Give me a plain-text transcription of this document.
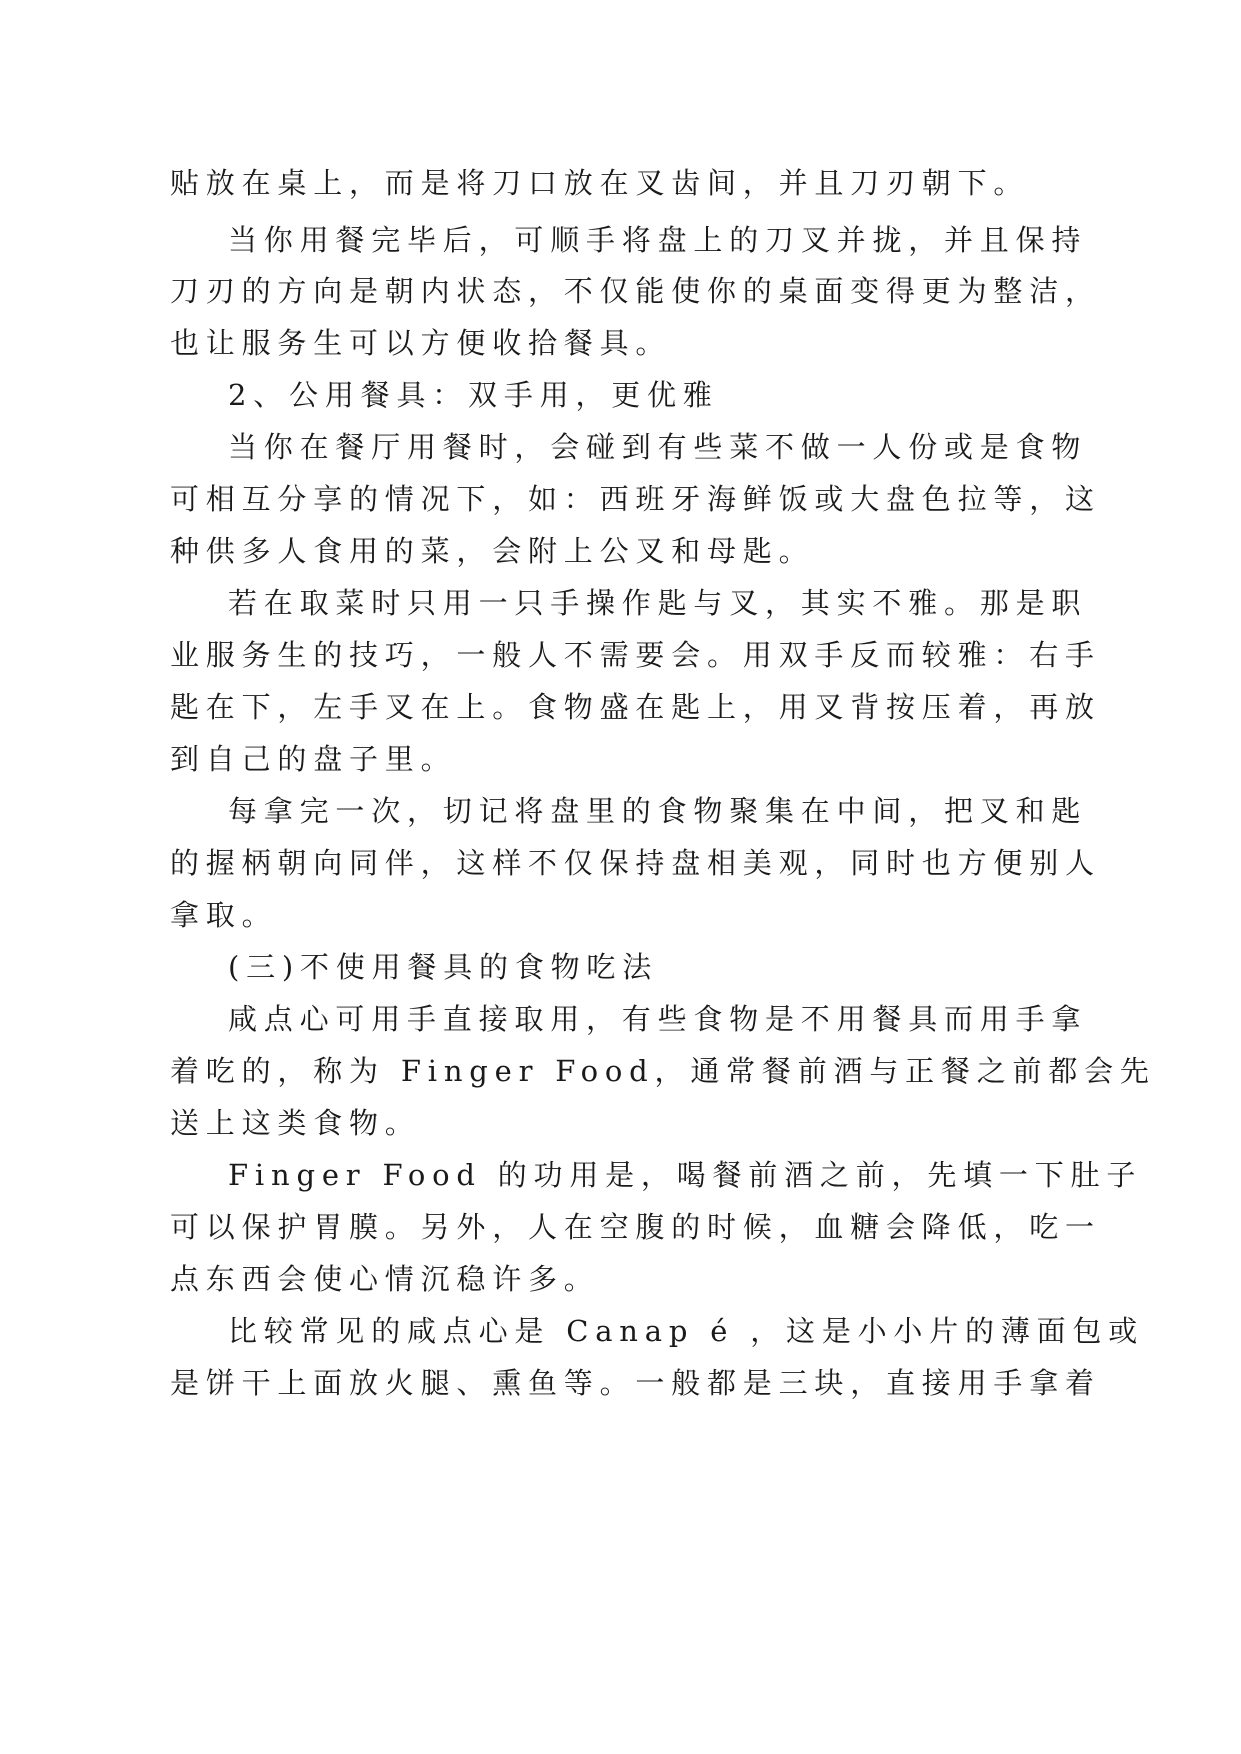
贴放在桌上，而是将刀口放在叉齿间，并且刀刃朝下。
当你用餐完毕后，可顺手将盘上的刀叉并拢，并且保持
刀刃的方向是朝内状态，不仅能使你的桌面变得更为整洁，
也让服务生可以方便收拾餐具。
2、公用餐具：双手用，更优雅
当你在餐厅用餐时，会碰到有些菜不做一人份或是食物
可相互分享的情况下，如：西班牙海鲜饭或大盘色拉等，这
种供多人食用的菜，会附上公叉和母匙。
若在取菜时只用一只手操作匙与叉，其实不雅。那是职
业服务生的技巧，一般人不需要会。用双手反而较雅：右手
匙在下，左手叉在上。食物盛在匙上，用叉背按压着，再放
到自己的盘子里。
每拿完一次，切记将盘里的食物聚集在中间，把叉和匙
的握柄朝向同伴，这样不仅保持盘相美观，同时也方便别人
拿取。
(三)不使用餐具的食物吃法
咸点心可用手直接取用，有些食物是不用餐具而用手拿
着吃的，称为 Finger Food，通常餐前酒与正餐之前都会先
送上这类食物。
Finger Food 的功用是，喝餐前酒之前，先填一下肚子
可以保护胃膜。另外，人在空腹的时候，血糖会降低，吃一
点东西会使心情沉稳许多。
比较常见的咸点心是 Canap é ，这是小小片的薄面包或
是饼干上面放火腿、熏鱼等。一般都是三块，直接用手拿着
